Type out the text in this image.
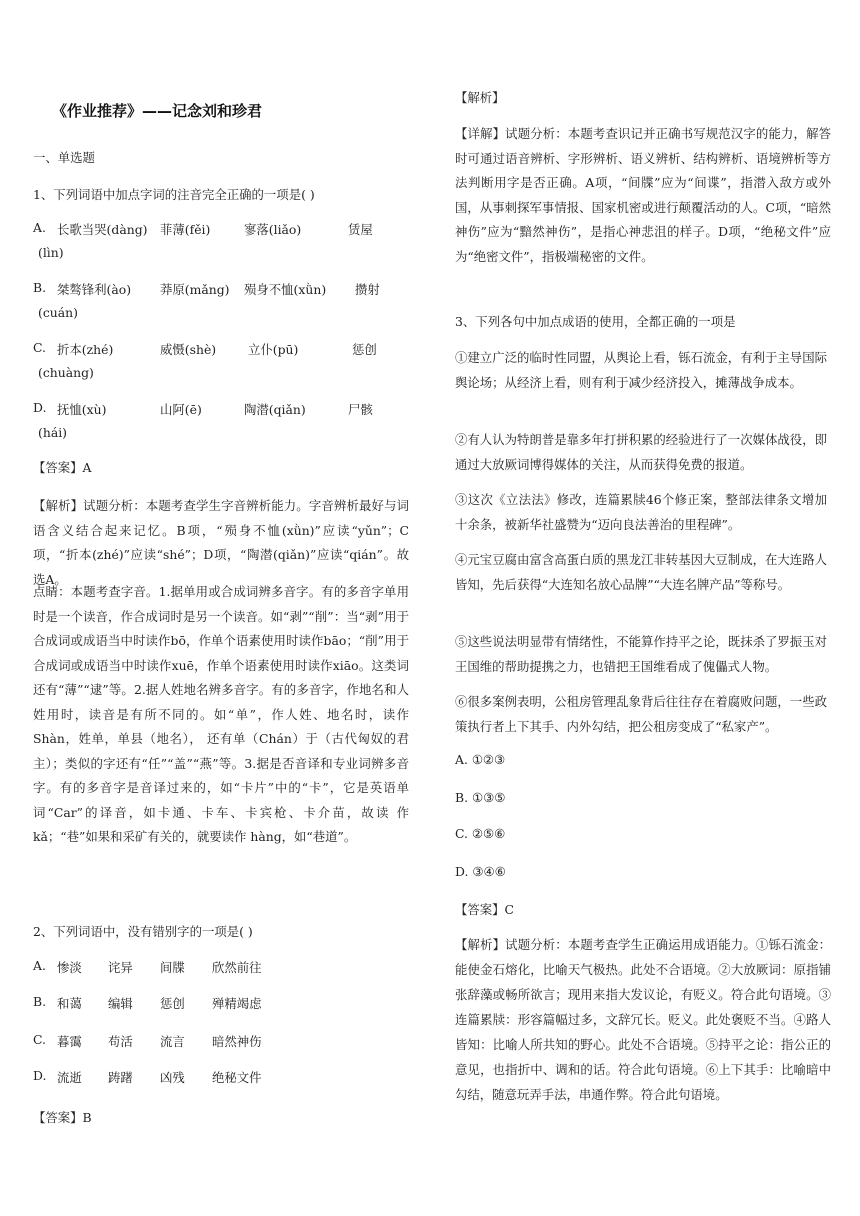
《作业推荐》——记念刘和珍君
一、单选题
1、下列词语中加点字词的注音完全正确的一项是( )
A. 长歌当哭(dàng) 菲薄(fěi)	寥落(liǎo)	赁屋
(lìn)
B. 桀骜锋利(ào) 莽原(mǎng) 殒身不恤(xǜn) 攒射
(cuán)
C. 折本(zhé)	威慑(shè)	立仆(pū)	惩创
(chuàng)
D. 抚恤(xù)	山阿(ē)	陶潜(qiǎn)	尸骸
(hái)
【答案】A
【解析】试题分析：本题考查学生字音辨析能力。字音辨析最好与词语含义结合起来记忆。B项，“殒身不恤(xǜn)”应读“yǔn”；C项，“折本(zhé)”应读“shé”；D项，“陶潜(qiǎn)”应读“qián”。故选A。
点睛：本题考查字音。1.据单用或合成词辨多音字。有的多音字单用时是一个读音，作合成词时是另一个读音。如“剥”“削”：当“剥”用于合成词或成语当中时读作bō，作单个语素使用时读作bāo；“削”用于合成词或成语当中时读作xuē，作单个语素使用时读作xiāo。这类词还有“薄”“逮”等。2.据人姓地名辨多音字。有的多音字，作地名和人姓用时，读音是有所不同的。如“单”，作人姓、地名时，读作Shàn，姓单，单县（地名）， 还有单（Chán）于（古代匈奴的君主）；类似的字还有“任”“盖”“燕”等。3.据是否音译和专业词辨多音字。有的多音字是音译过来的，如“卡片”中的“卡”，它是英语单词“Car”的译音，如卡通、卡车、卡宾枪、卡介苗，故读 作 kǎ；“巷”如果和采矿有关的，就要读作 hàng，如“巷道”。
2、下列词语中，没有错别字的一项是( )
A. 惨淡 诧异 间牒 欣然前往
B. 和蔼 编辑 惩创 殚精竭虑
C. 暮霭 苟活 流言 暗然神伤
D. 流逝 踌躇 凶残 绝秘文件
【答案】B
【解析】
【详解】试题分析：本题考查识记并正确书写规范汉字的能力，解答时可通过语音辨析、字形辨析、语义辨析、结构辨析、语境辨析等方法判断用字是否正确。A项，“间牒”应为“间谍”，指潜入敌方或外国，从事刺探军事情报、国家机密或进行颠覆活动的人。C项，“暗然神伤”应为“黯然神伤”，是指心神悲沮的样子。D项，“绝秘文件”应为“绝密文件”，指极端秘密的文件。
3、下列各句中加点成语的使用，全都正确的一项是
①建立广泛的临时性同盟，从舆论上看，铄石流金，有利于主导国际舆论场；从经济上看，则有利于减少经济投入，摊薄战争成本。
②有人认为特朗普是靠多年打拼积累的经验进行了一次媒体战役，即通过大放厥词博得媒体的关注，从而获得免费的报道。
③这次《立法法》修改，连篇累牍46个修正案，整部法律条文增加十余条，被新华社盛赞为“迈向良法善治的里程碑”。
④元宝豆腐由富含高蛋白质的黑龙江非转基因大豆制成，在大连路人皆知，先后获得“大连知名放心品牌”“大连名牌产品”等称号。
⑤这些说法明显带有情绪性，不能算作持平之论，既抹杀了罗振玉对王国维的帮助提携之力，也错把王国维看成了傀儡式人物。
⑥很多案例表明，公租房管理乱象背后往往存在着腐败问题，一些政策执行者上下其手、内外勾结，把公租房变成了“私家产”。
A. ①②③
B. ①③⑤
C. ②⑤⑥
D. ③④⑥
【答案】C
【解析】试题分析：本题考查学生正确运用成语能力。①铄石流金：能使金石熔化，比喻天气极热。此处不合语境。②大放厥词：原指铺张辞藻或畅所欲言；现用来指大发议论，有贬义。符合此句语境。③连篇累牍：形容篇幅过多，文辞冗长。贬义。此处褒贬不当。④路人皆知：比喻人所共知的野心。此处不合语境。⑤持平之论：指公正的意见，也指折中、调和的话。符合此句语境。⑥上下其手：比喻暗中勾结，随意玩弄手法，串通作弊。符合此句语境。
